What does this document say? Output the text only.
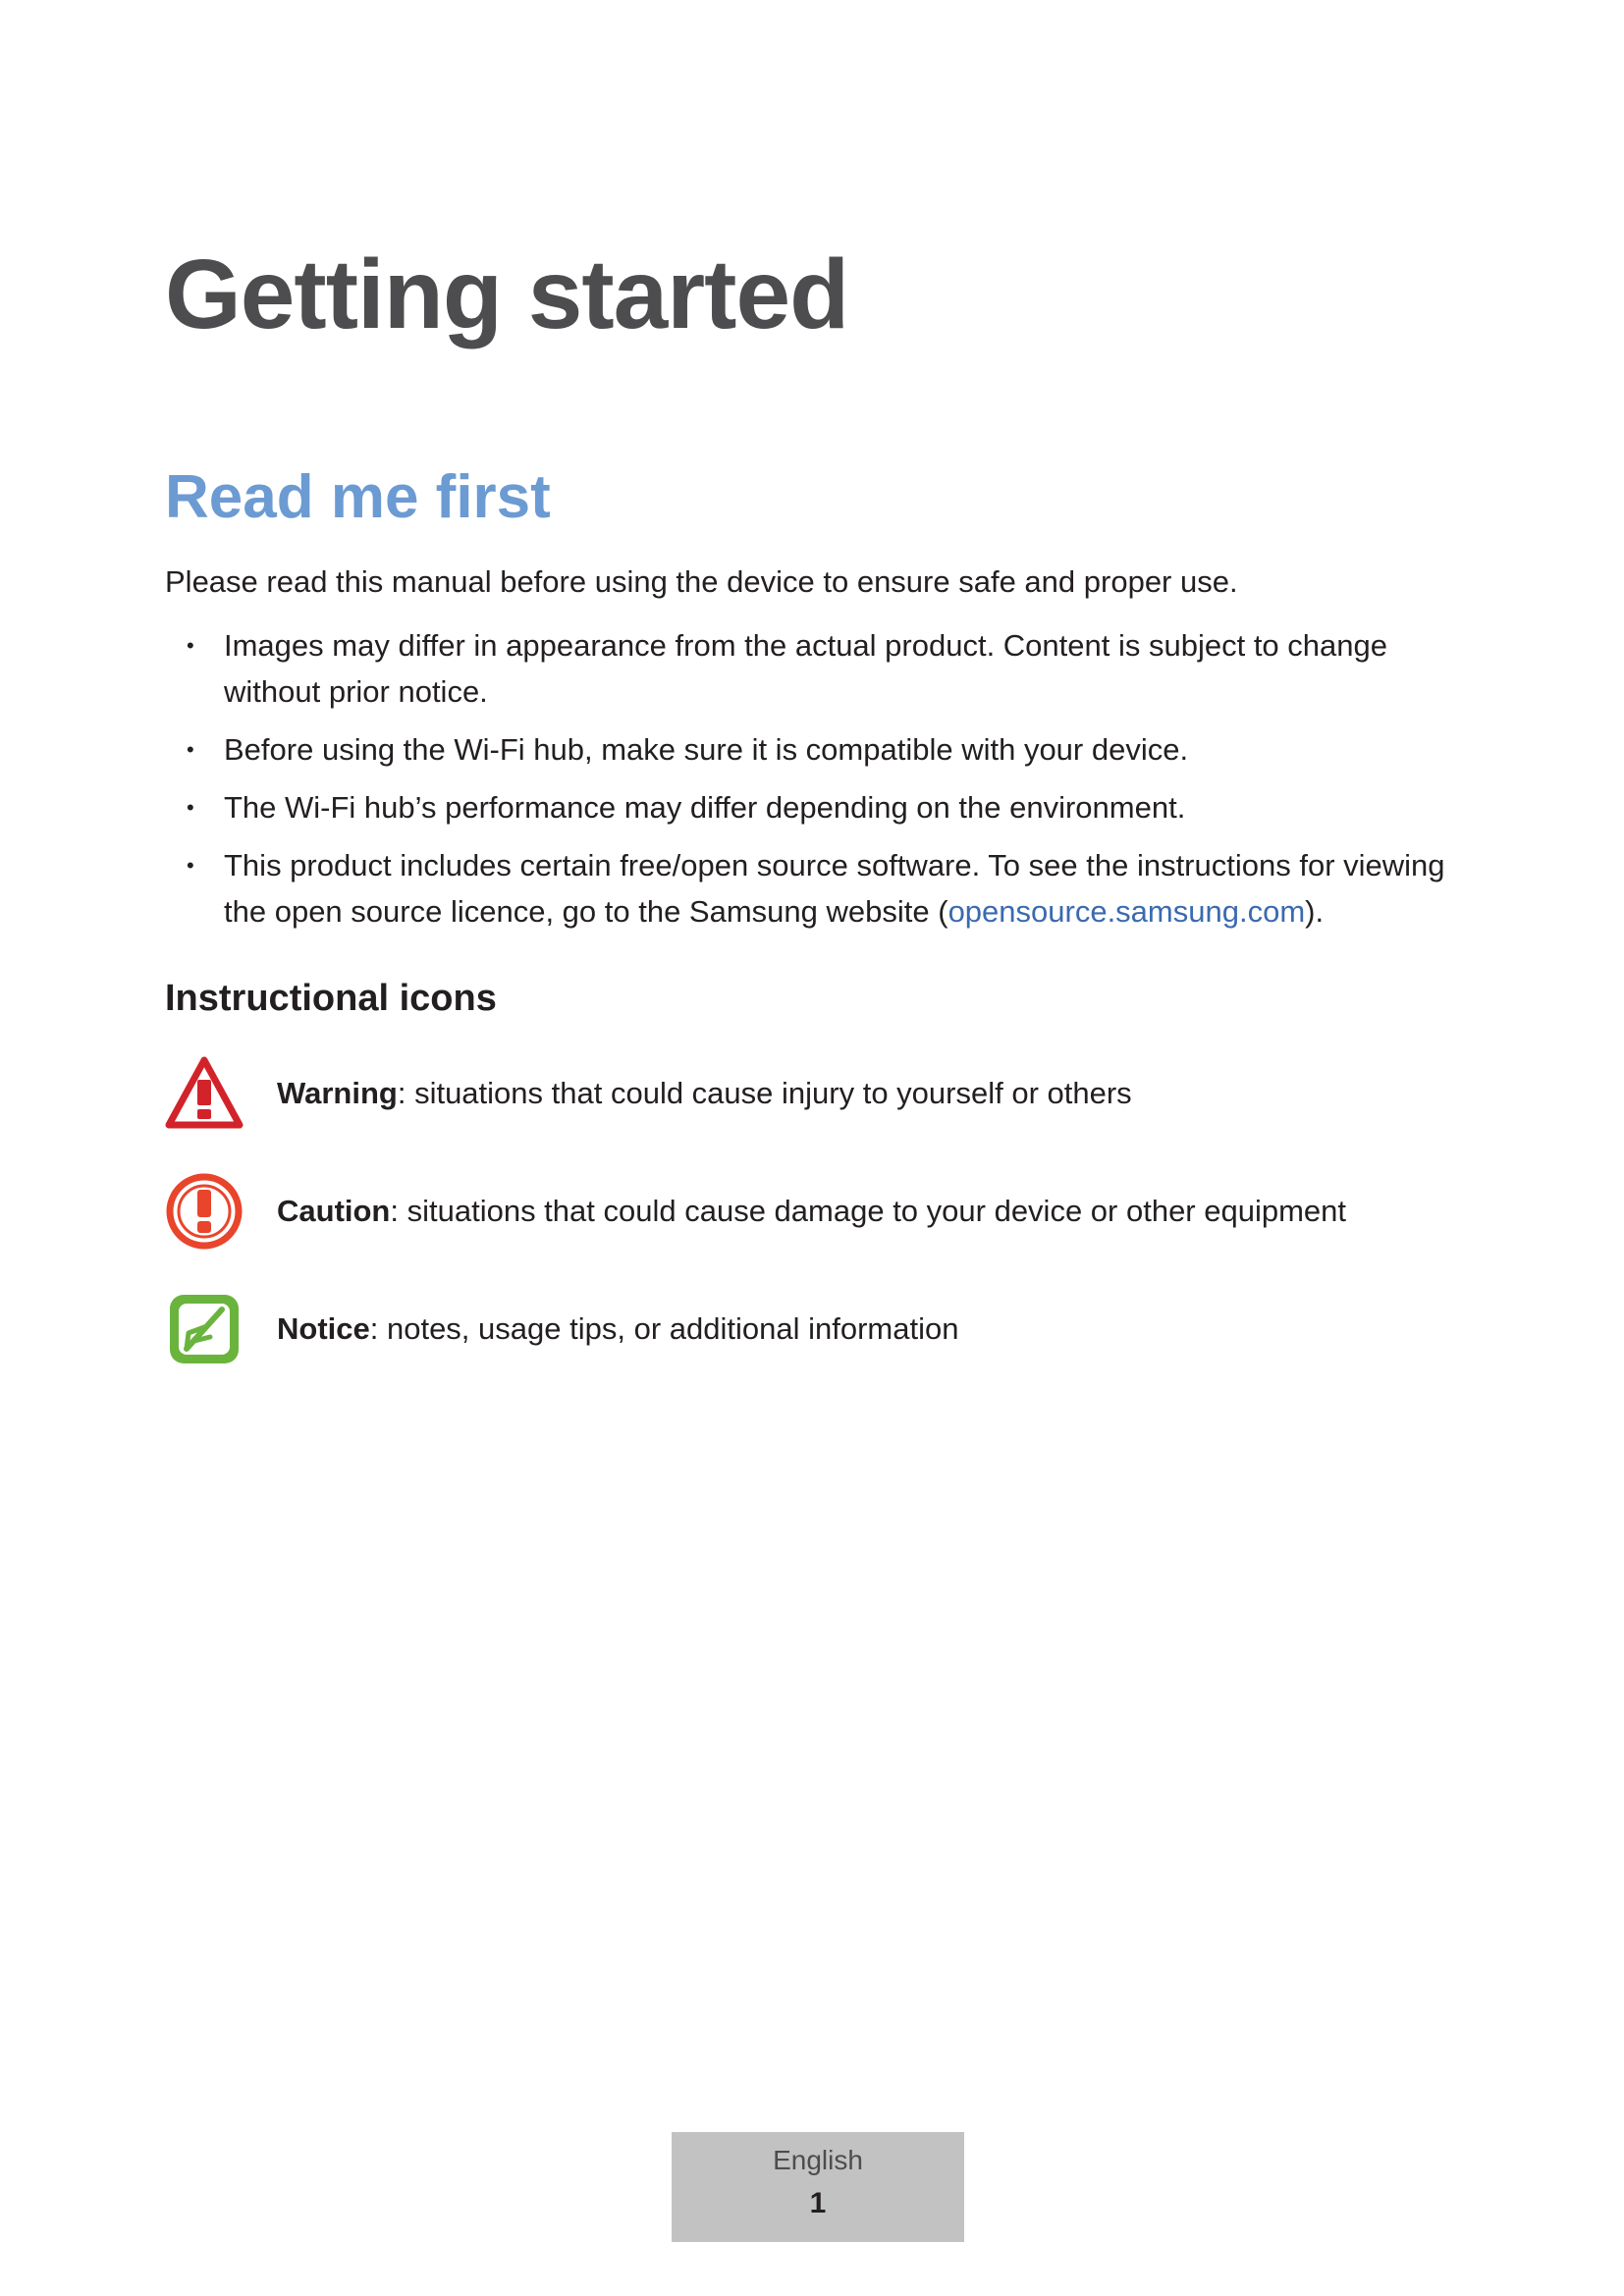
Getting started
Read me first

Please read this manual before using the device to ensure safe and proper use.

• Images may differ in appearance from the actual product. Content is subject to change without prior notice.
• Before using the Wi-Fi hub, make sure it is compatible with your device.
• The Wi-Fi hub’s performance may differ depending on the environment.
• This product includes certain free/open source software. To see the instructions for viewing the open source licence, go to the Samsung website (opensource.samsung.com).
Instructional icons
Warning: situations that could cause injury to yourself or others
Caution: situations that could cause damage to your device or other equipment
Notice: notes, usage tips, or additional information
English
1
